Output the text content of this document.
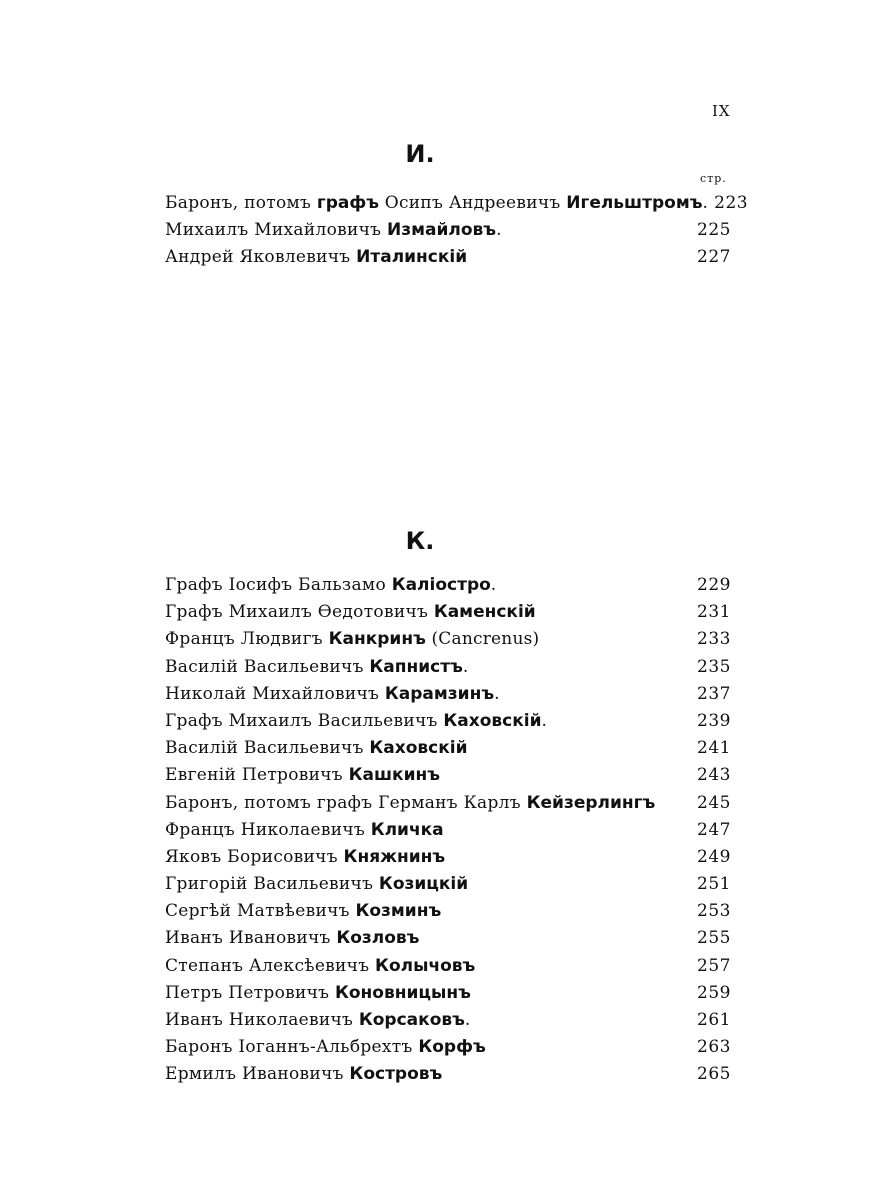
IX
И.
стр.
Баронъ, потомъ графъ Осипъ Андреевичъ Игельштромъ. 223
Михаилъ Михайловичъ Измайловъ.	225
Андрей Яковлевичъ Италинскій	227
К.
Графъ Іосифъ Бальзамо Каліостро.	229
Графъ Михаилъ Өедотовичъ Каменскій	231
Францъ Людвигъ Канкринъ (Cancrenus)	233
Василій Васильевичъ Капнистъ.	235
Николай Михайловичъ Карамзинъ.	237
Графъ Михаилъ Васильевичъ Каховскій.	239
Василій Васильевичъ Каховскій	241
Евгеній Петровичъ Кашкинъ	243
Баронъ, потомъ графъ Германъ Карлъ Кейзерлингъ	245
Францъ Николаевичъ Кличка	247
Яковъ Борисовичъ Княжнинъ	249
Григорій Васильевичъ Козицкій	251
Сергѣй Матвѣевичъ Козминъ	253
Иванъ Ивановичъ Козловъ	255
Степанъ Алексѣевичъ Колычовъ	257
Петръ Петровичъ Коновницынъ	259
Иванъ Николаевичъ Корсаковъ.	261
Баронъ Іоганнъ-Альбрехтъ Корфъ	263
Ермилъ Ивановичъ Костровъ	265
